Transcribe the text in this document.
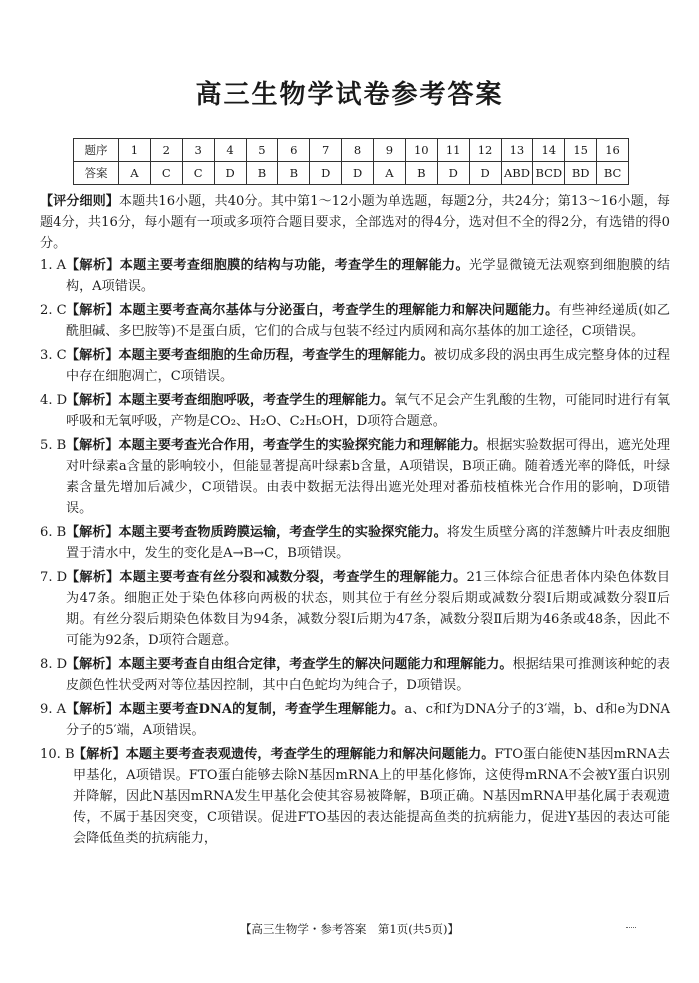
高三生物学试卷参考答案
题序	1	2	3	4	5	6	7	8	9	10	11	12	13	14	15	16
答案	A	C	C	D	B	B	D	D	A	B	D	D	ABD	BCD	BD	BC

【评分细则】本题共16小题，共40分。其中第1～12小题为单选题，每题2分，共24分；第13～16小题，每题4分，共16分，每小题有一项或多项符合题目要求，全部选对的得4分，选对但不全的得2分，有选错的得0分。

1. A 【解析】本题主要考查细胞膜的结构与功能，考查学生的理解能力。光学显微镜无法观察到细胞膜的结构，A项错误。
2. C 【解析】本题主要考查高尔基体与分泌蛋白，考查学生的理解能力和解决问题能力。有些神经递质(如乙酰胆碱、多巴胺等)不是蛋白质，它们的合成与包装不经过内质网和高尔基体的加工途径，C项错误。
3. C 【解析】本题主要考查细胞的生命历程，考查学生的理解能力。被切成多段的涡虫再生成完整身体的过程中存在细胞凋亡，C项错误。
4. D
【解析】本题主要考查细胞呼吸，考查学生的理解能力。氧气不足会产生乳酸的生物，可能同时进行有氧呼吸和无氧呼吸，产物是CO₂、H₂O、C₂H₅OH，D项符合题意。
5. B 【解析】本题主要考查光合作用，考查学生的实验探究能力和理解能力。根据实验数据可得出，遮光处理对叶绿素a含量的影响较小，但能显著提高叶绿素b含量，A项错误，B项正确。随着透光率的降低，叶绿素含量先增加后减少，C项错误。由表中数据无法得出遮光处理对番茄枝植株光合作用的影响，D项错误。
6. B 【解析】本题主要考查物质跨膜运输，考查学生的实验探究能力。将发生质壁分离的洋葱鳞片叶表皮细胞置于清水中，发生的变化是A→B→C，B项错误。
7. D
【解析】本题主要考查有丝分裂和减数分裂，考查学生的理解能力。21三体综合征患者体内染色体数目为47条。细胞正处于染色体移向两极的状态，则其位于有丝分裂后期或减数分裂Ⅰ后期或减数分裂Ⅱ后期。有丝分裂后期染色体数目为94条，减数分裂Ⅰ后期为47条，减数分裂Ⅱ后期为46条或48条，因此不可能为92条，D项符合题意。
8. D
【解析】本题主要考查自由组合定律，考查学生的解决问题能力和理解能力。根据结果可推测该种蛇的表皮颜色性状受两对等位基因控制，其中白色蛇均为纯合子，D项错误。
9. A 【解析】本题主要考查DNA的复制，考查学生理解能力。a、c和f为DNA分子的3′端，b、d和e为DNA分子的5′端，A项错误。
10. B
【解析】本题主要考查表观遗传，考查学生的理解能力和解决问题能力。FTO蛋白能使N基因mRNA去甲基化，A项错误。FTO蛋白能够去除N基因mRNA上的甲基化修饰，这使得mRNA不会被Y蛋白识别并降解，因此N基因mRNA发生甲基化会使其容易被降解，B项正确。N基因mRNA甲基化属于表观遗传，不属于基因突变，C项错误。促进FTO基因的表达能提高鱼类的抗病能力，促进Y基因的表达可能会降低鱼类的抗病能力，
【高三生物学・参考答案　第1页(共5页)】
